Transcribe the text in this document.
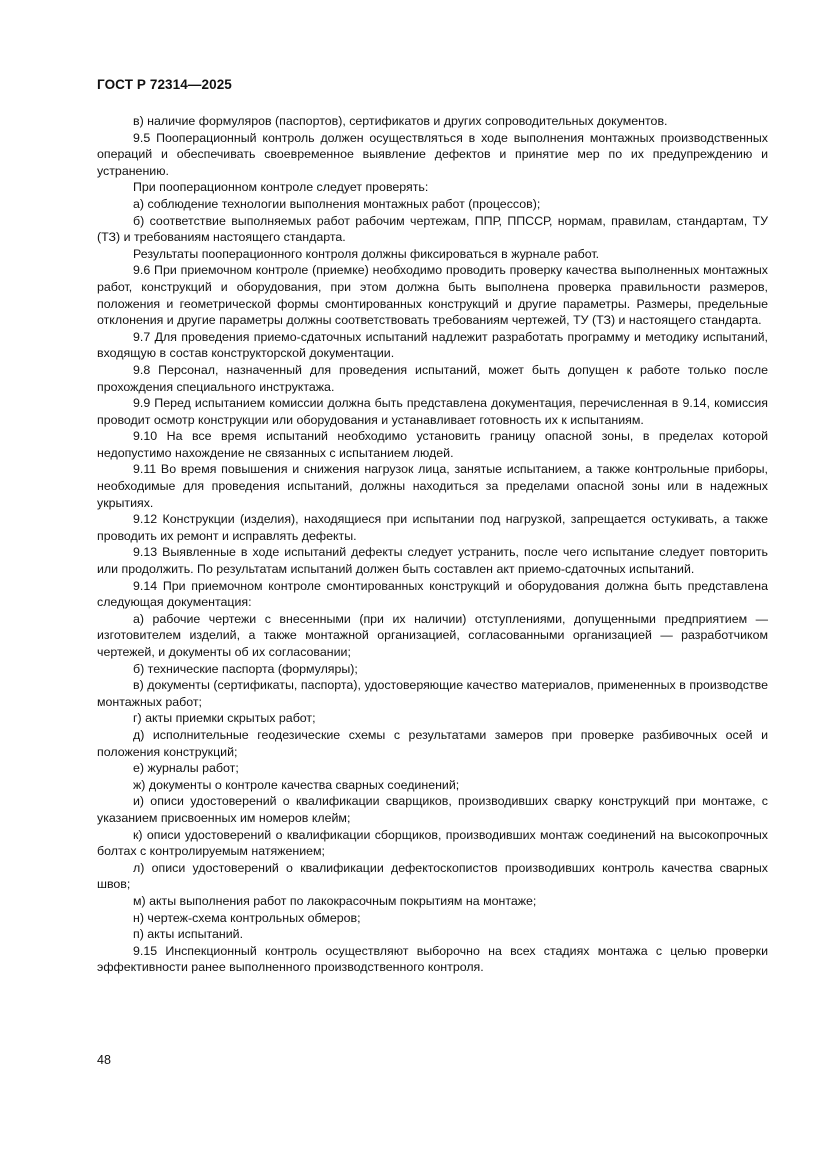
ГОСТ Р 72314—2025

в) наличие формуляров (паспортов), сертификатов и других сопроводительных документов.

9.5 Пооперационный контроль должен осуществляться в ходе выполнения монтажных производственных операций и обеспечивать своевременное выявление дефектов и принятие мер по их предупреждению и устранению.

При пооперационном контроле следует проверять:

а) соблюдение технологии выполнения монтажных работ (процессов);

б) соответствие выполняемых работ рабочим чертежам, ППР, ППССР, нормам, правилам, стандартам, ТУ (ТЗ) и требованиям настоящего стандарта.

Результаты пооперационного контроля должны фиксироваться в журнале работ.

9.6 При приемочном контроле (приемке) необходимо проводить проверку качества выполненных монтажных работ, конструкций и оборудования, при этом должна быть выполнена проверка правильности размеров, положения и геометрической формы смонтированных конструкций и другие параметры. Размеры, предельные отклонения и другие параметры должны соответствовать требованиям чертежей, ТУ (ТЗ) и настоящего стандарта.

9.7 Для проведения приемо-сдаточных испытаний надлежит разработать программу и методику испытаний, входящую в состав конструкторской документации.

9.8 Персонал, назначенный для проведения испытаний, может быть допущен к работе только после прохождения специального инструктажа.

9.9 Перед испытанием комиссии должна быть представлена документация, перечисленная в 9.14, комиссия проводит осмотр конструкции или оборудования и устанавливает готовность их к испытаниям.

9.10 На все время испытаний необходимо установить границу опасной зоны, в пределах которой недопустимо нахождение не связанных с испытанием людей.

9.11 Во время повышения и снижения нагрузок лица, занятые испытанием, а также контрольные приборы, необходимые для проведения испытаний, должны находиться за пределами опасной зоны или в надежных укрытиях.

9.12 Конструкции (изделия), находящиеся при испытании под нагрузкой, запрещается остукивать, а также проводить их ремонт и исправлять дефекты.

9.13 Выявленные в ходе испытаний дефекты следует устранить, после чего испытание следует повторить или продолжить. По результатам испытаний должен быть составлен акт приемо-сдаточных испытаний.

9.14 При приемочном контроле смонтированных конструкций и оборудования должна быть представлена следующая документация:

а) рабочие чертежи с внесенными (при их наличии) отступлениями, допущенными предприятием — изготовителем изделий, а также монтажной организацией, согласованными организацией — разработчиком чертежей, и документы об их согласовании;

б) технические паспорта (формуляры);

в) документы (сертификаты, паспорта), удостоверяющие качество материалов, примененных в производстве монтажных работ;

г) акты приемки скрытых работ;

д) исполнительные геодезические схемы с результатами замеров при проверке разбивочных осей и положения конструкций;

е) журналы работ;

ж) документы о контроле качества сварных соединений;

и) описи удостоверений о квалификации сварщиков, производивших сварку конструкций при монтаже, с указанием присвоенных им номеров клейм;

к) описи удостоверений о квалификации сборщиков, производивших монтаж соединений на высокопрочных болтах с контролируемым натяжением;

л) описи удостоверений о квалификации дефектоскопистов производивших контроль качества сварных швов;

м) акты выполнения работ по лакокрасочным покрытиям на монтаже;

н) чертеж-схема контрольных обмеров;

п) акты испытаний.

9.15 Инспекционный контроль осуществляют выборочно на всех стадиях монтажа с целью проверки эффективности ранее выполненного производственного контроля.

48
